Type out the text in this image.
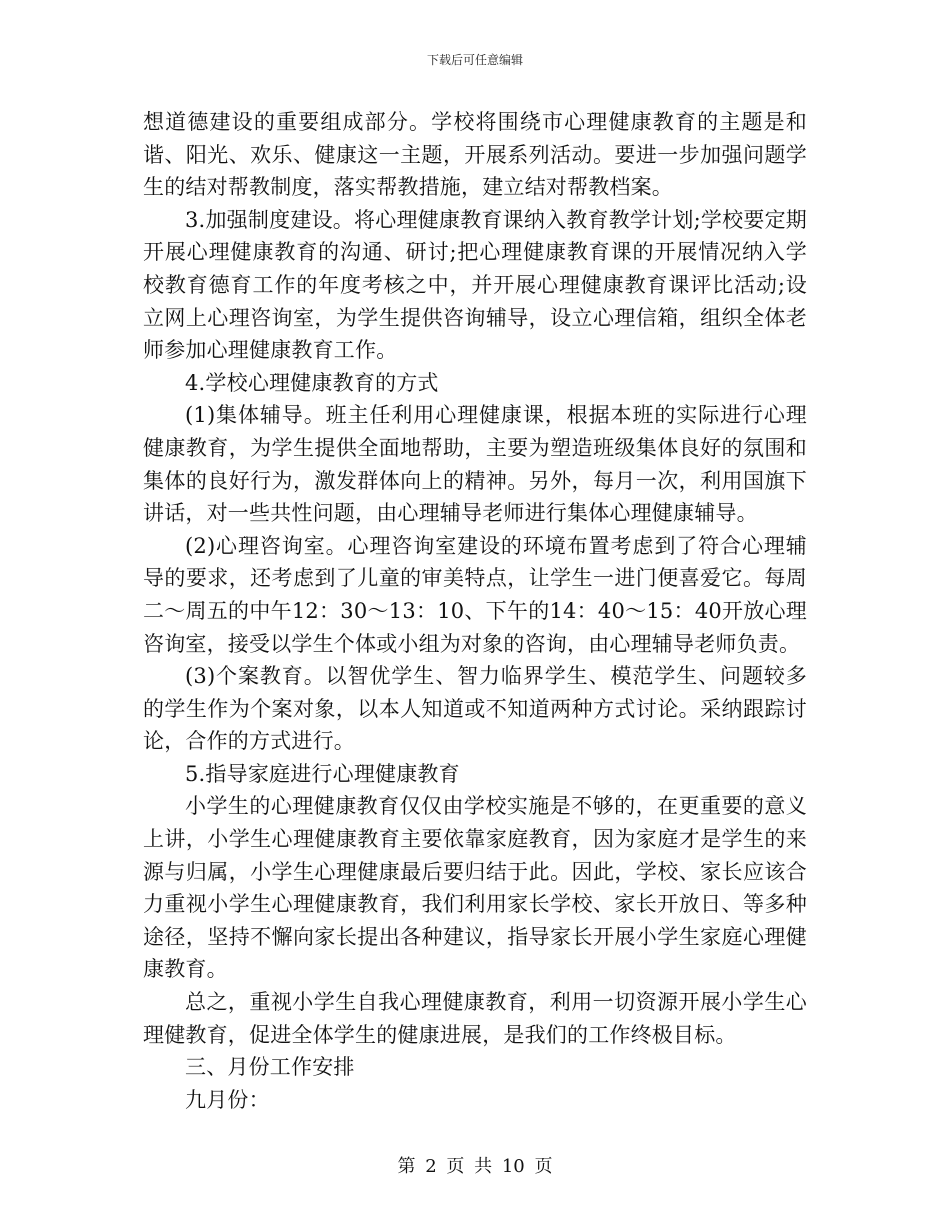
下载后可任意编辑

想道德建设的重要组成部分。学校将围绕市心理健康教育的主题是和谐、阳光、欢乐、健康这一主题，开展系列活动。要进一步加强问题学生的结对帮教制度，落实帮教措施，建立结对帮教档案。

3.加强制度建设。将心理健康教育课纳入教育教学计划;学校要定期开展心理健康教育的沟通、研讨;把心理健康教育课的开展情况纳入学校教育德育工作的年度考核之中，并开展心理健康教育课评比活动;设立网上心理咨询室，为学生提供咨询辅导，设立心理信箱，组织全体老师参加心理健康教育工作。

4.学校心理健康教育的方式

(1)集体辅导。班主任利用心理健康课，根据本班的实际进行心理健康教育，为学生提供全面地帮助，主要为塑造班级集体良好的氛围和集体的良好行为，激发群体向上的精神。另外，每月一次，利用国旗下讲话，对一些共性问题，由心理辅导老师进行集体心理健康辅导。

(2)心理咨询室。心理咨询室建设的环境布置考虑到了符合心理辅导的要求，还考虑到了儿童的审美特点，让学生一进门便喜爱它。每周二～周五的中午12：30～13：10、下午的14：40～15：40开放心理咨询室，接受以学生个体或小组为对象的咨询，由心理辅导老师负责。

(3)个案教育。以智优学生、智力临界学生、模范学生、问题较多的学生作为个案对象，以本人知道或不知道两种方式讨论。采纳跟踪讨论，合作的方式进行。

5.指导家庭进行心理健康教育

小学生的心理健康教育仅仅由学校实施是不够的，在更重要的意义上讲，小学生心理健康教育主要依靠家庭教育，因为家庭才是学生的来源与归属，小学生心理健康最后要归结于此。因此，学校、家长应该合力重视小学生心理健康教育，我们利用家长学校、家长开放日、等多种途径，坚持不懈向家长提出各种建议，指导家长开展小学生家庭心理健康教育。

总之，重视小学生自我心理健康教育，利用一切资源开展小学生心理健教育，促进全体学生的健康进展，是我们的工作终极目标。

三、月份工作安排

九月份：

第 2 页 共 10 页
